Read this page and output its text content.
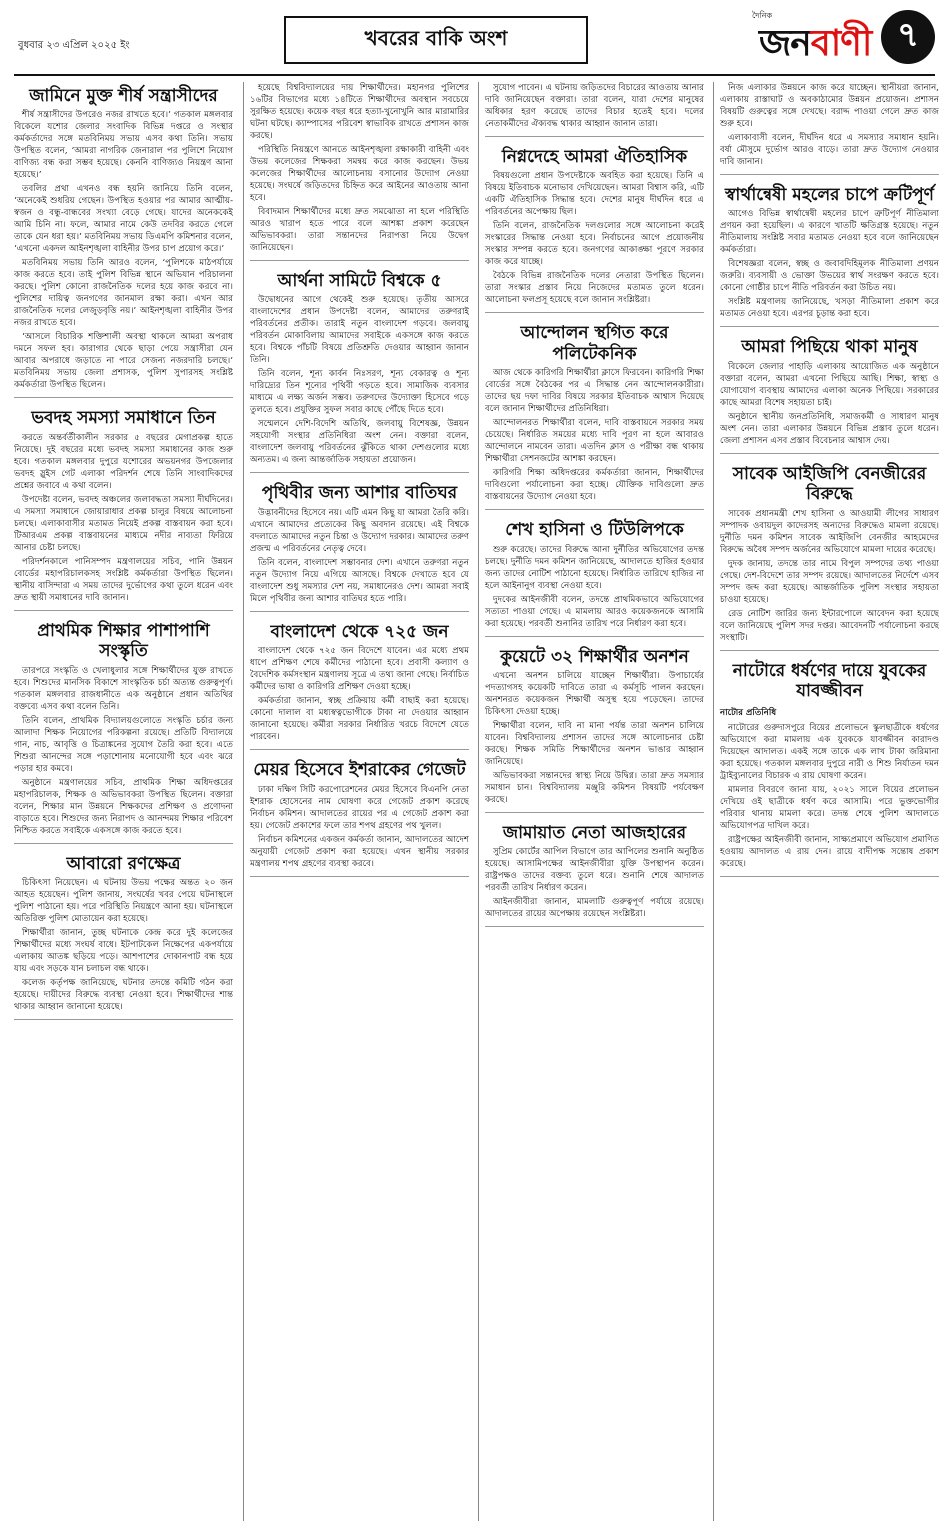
বুধবার ২৩ এপ্রিল ২০২৫ ইং	খবরের বাকি অংশ
দৈনিক
জনবাণী ৭
জামিনে মুক্ত শীর্ষ সন্ত্রাসীদের

শীর্ষ সন্ত্রাসীদের উপরেও নজর রাখতে হবে।’ গতকাল মঙ্গলবার বিকেলে যশোর জেলার সংবাদিক বিভিন্ন দপ্তরে ও সংস্থার কর্মকর্তাদের সঙ্গে মতবিনিময় সভায় এসব কথা তিনি। সভায় উপস্থিত বলেন, ‘আমরা নাগরিক জেনারাল পর পুলিশে নিয়োগ বাণিজ্য বন্ধ করা সম্ভব হয়েছে। কেননি বাণিজ্যও নিয়ন্ত্রণ আনা হয়েছে।’

তবলির প্রথা এখনও বন্ধ হয়নি জানিয়ে তিনি বলেন, ‘অনেকেই শুধরিয় গেছেন। উপস্থিত হওয়ার পর আমার আত্মীয়-স্বজন ও বন্ধু-বান্ধবের সংখ্যা বেড়ে গেছে। যাদের অনেককেই আমি চিনি না। ফলে, আমার নামে কেউ তদবির করতে গেলে তাকে যেন ধরা হয়।’ মতবিনিময় সভায় ডিএমপি কমিশনার বলেন, ‘এখনো একদল আইনশৃঙ্খলা বাহিনীর উপর চাপ প্রয়োগ করে।’

মতবিনিময় সভায় তিনি আরও বলেন, ‘পুলিশকে মাঠপর্যায়ে কাজ করতে হবে। তাই পুলিশ বিভিন্ন স্থানে অভিযান পরিচালনা করছে। পুলিশ কোনো রাজনৈতিক দলের হয়ে কাজ করবে না। পুলিশের দায়িত্ব জনগণের জানমাল রক্ষা করা। এখন আর রাজনৈতিক দলের লেজুড়বৃত্তি নয়।’ আইনশৃঙ্খলা বাহিনীর উপর নজর রাখতে হবে।

‘আসলে বিচারিক শক্তিশালী অবস্থা থাকলে আমরা অপরাধ দমনে সফল হব। কারাগার থেকে ছাড়া পেয়ে সন্ত্রাসীরা যেন আবার অপরাধে জড়াতে না পারে সেজন্য নজরদারি চলছে।’ মতবিনিময় সভায় জেলা প্রশাসক, পুলিশ সুপারসহ সংশ্লিষ্ট কর্মকর্তারা উপস্থিত ছিলেন।

ভবদহ সমস্যা সমাধানে তিন

করতে অন্তর্বর্তীকালীন সরকার ৫ বছরের মেগাপ্রকল্প হাতে নিয়েছে। দুই বছরের মধ্যে ভবদহ সমস্যা সমাধানের কাজ শুরু হবে। গতকাল মঙ্গলবার দুপুরে যশোরের অভয়নগর উপজেলার ভবদহ স্লুইস গেট এলাকা পরিদর্শন শেষে তিনি সাংবাদিকদের প্রশ্নের জবাবে এ কথা বলেন।

উপদেষ্টা বলেন, ভবদহ অঞ্চলের জলাবদ্ধতা সমস্যা দীর্ঘদিনের। এ সমস্যা সমাধানে জোয়ারাধার প্রকল্প চালুর বিষয়ে আলোচনা চলছে। এলাকাবাসীর মতামত নিয়েই প্রকল্প বাস্তবায়ন করা হবে। টিআরএম প্রকল্প বাস্তবায়নের মাধ্যমে নদীর নাব্যতা ফিরিয়ে আনার চেষ্টা চলছে।

পরিদর্শনকালে পানিসম্পদ মন্ত্রণালয়ের সচিব, পানি উন্নয়ন বোর্ডের মহাপরিচালকসহ সংশ্লিষ্ট কর্মকর্তারা উপস্থিত ছিলেন। স্থানীয় বাসিন্দারা এ সময় তাদের দুর্ভোগের কথা তুলে ধরেন এবং দ্রুত স্থায়ী সমাধানের দাবি জানান।

প্রাথমিক শিক্ষার পাশাপাশি সংস্কৃতি

তারপরে সংস্কৃতি ও খেলাধুলার সঙ্গে শিক্ষার্থীদের যুক্ত রাখতে হবে। শিশুদের মানসিক বিকাশে সাংস্কৃতিক চর্চা অত্যন্ত গুরুত্বপূর্ণ। গতকাল মঙ্গলবার রাজধানীতে এক অনুষ্ঠানে প্রধান অতিথির বক্তব্যে এসব কথা বলেন তিনি।

তিনি বলেন, প্রাথমিক বিদ্যালয়গুলোতে সংস্কৃতি চর্চার জন্য আলাদা শিক্ষক নিয়োগের পরিকল্পনা রয়েছে। প্রতিটি বিদ্যালয়ে গান, নাচ, আবৃত্তি ও চিত্রাঙ্কনের সুযোগ তৈরি করা হবে। এতে শিশুরা আনন্দের সঙ্গে পড়াশোনায় মনোযোগী হবে এবং ঝরে পড়ার হার কমবে।

অনুষ্ঠানে মন্ত্রণালয়ের সচিব, প্রাথমিক শিক্ষা অধিদপ্তরের মহাপরিচালক, শিক্ষক ও অভিভাবকরা উপস্থিত ছিলেন। বক্তারা বলেন, শিক্ষার মান উন্নয়নে শিক্ষকদের প্রশিক্ষণ ও প্রণোদনা বাড়াতে হবে। শিশুদের জন্য নিরাপদ ও আনন্দময় শিক্ষার পরিবেশ নিশ্চিত করতে সবাইকে একসঙ্গে কাজ করতে হবে।

আবারো রণক্ষেত্র

চিকিৎসা নিয়েছেন। এ ঘটনায় উভয় পক্ষের অন্তত ২০ জন আহত হয়েছেন। পুলিশ জানায়, সংঘর্ষের খবর পেয়ে ঘটনাস্থলে পুলিশ পাঠানো হয়। পরে পরিস্থিতি নিয়ন্ত্রণে আনা হয়। ঘটনাস্থলে অতিরিক্ত পুলিশ মোতায়েন করা হয়েছে।

শিক্ষার্থীরা জানান, তুচ্ছ ঘটনাকে কেন্দ্র করে দুই কলেজের শিক্ষার্থীদের মধ্যে সংঘর্ষ বাধে। ইটপাটকেল নিক্ষেপের একপর্যায়ে এলাকায় আতঙ্ক ছড়িয়ে পড়ে। আশপাশের দোকানপাট বন্ধ হয়ে যায় এবং সড়কে যান চলাচল বন্ধ থাকে।

কলেজ কর্তৃপক্ষ জানিয়েছে, ঘটনার তদন্তে কমিটি গঠন করা হয়েছে। দায়ীদের বিরুদ্ধে ব্যবস্থা নেওয়া হবে। শিক্ষার্থীদের শান্ত থাকার আহ্বান জানানো হয়েছে।

হয়েছে বিশ্ববিদ্যালয়ের দায় শিক্ষার্থীদের। মহানগর পুলিশের ১৬টির বিভাগের মধ্যে ১৪টিতে শিক্ষার্থীদের অবস্থান সবচেয়ে সুরক্ষিত হয়েছে। কয়েক বছর ধরে হত্যা-খুনোখুনি আর মারামারির ঘটনা ঘটছে। ক্যাম্পাসের পরিবেশ স্বাভাবিক রাখতে প্রশাসন কাজ করছে।

পরিস্থিতি নিয়ন্ত্রণে আনতে আইনশৃঙ্খলা রক্ষাকারী বাহিনী এবং উভয় কলেজের শিক্ষকরা সমন্বয় করে কাজ করছেন। উভয় কলেজের শিক্ষার্থীদের আলোচনায় বসানোর উদ্যোগ নেওয়া হয়েছে। সংঘর্ষে জড়িতদের চিহ্নিত করে আইনের আওতায় আনা হবে।

বিবাদমান শিক্ষার্থীদের মধ্যে দ্রুত সমঝোতা না হলে পরিস্থিতি আরও খারাপ হতে পারে বলে আশঙ্কা প্রকাশ করেছেন অভিভাবকরা। তারা সন্তানদের নিরাপত্তা নিয়ে উদ্বেগ জানিয়েছেন।

আর্থনা সামিটে বিশ্বকে ৫

উদ্বোধনের আগে থেকেই শুরু হয়েছে। তৃতীয় আসরে বাংলাদেশের প্রধান উপদেষ্টা বলেন, আমাদের তরুণরাই পরিবর্তনের প্রতীক। তারাই নতুন বাংলাদেশ গড়বে। জলবায়ু পরিবর্তন মোকাবিলায় আমাদের সবাইকে একসঙ্গে কাজ করতে হবে। বিশ্বকে পাঁচটি বিষয়ে প্রতিশ্রুতি দেওয়ার আহ্বান জানান তিনি।

তিনি বলেন, শূন্য কার্বন নিঃসরণ, শূন্য বেকারত্ব ও শূন্য দারিদ্র্যের তিন শূন্যের পৃথিবী গড়তে হবে। সামাজিক ব্যবসার মাধ্যমে এ লক্ষ্য অর্জন সম্ভব। তরুণদের উদ্যোক্তা হিসেবে গড়ে তুলতে হবে। প্রযুক্তির সুফল সবার কাছে পৌঁছে দিতে হবে।

সম্মেলনে দেশি-বিদেশি অতিথি, জলবায়ু বিশেষজ্ঞ, উন্নয়ন সহযোগী সংস্থার প্রতিনিধিরা অংশ নেন। বক্তারা বলেন, বাংলাদেশ জলবায়ু পরিবর্তনের ঝুঁকিতে থাকা দেশগুলোর মধ্যে অন্যতম। এ জন্য আন্তর্জাতিক সহায়তা প্রয়োজন।

পৃথিবীর জন্য আশার বাতিঘর

উদ্ভাবনীদের হিসেবে নয়। এটি এমন কিছু যা আমরা তৈরি করি। এখানে আমাদের প্রত্যেকের কিছু অবদান রয়েছে। এই বিশ্বকে বদলাতে আমাদের নতুন চিন্তা ও উদ্যোগ দরকার। আমাদের তরুণ প্রজন্ম এ পরিবর্তনের নেতৃত্ব দেবে।

তিনি বলেন, বাংলাদেশ সম্ভাবনার দেশ। এখানে তরুণরা নতুন নতুন উদ্যোগ নিয়ে এগিয়ে আসছে। বিশ্বকে দেখাতে হবে যে বাংলাদেশ শুধু সমস্যার দেশ নয়, সমাধানেরও দেশ। আমরা সবাই মিলে পৃথিবীর জন্য আশার বাতিঘর হতে পারি।

বাংলাদেশ থেকে ৭২৫ জন

বাংলাদেশ থেকে ৭২৫ জন বিদেশে যাবেন। এর মধ্যে প্রথম ধাপে প্রশিক্ষণ শেষে কর্মীদের পাঠানো হবে। প্রবাসী কল্যাণ ও বৈদেশিক কর্মসংস্থান মন্ত্রণালয় সূত্রে এ তথ্য জানা গেছে। নির্বাচিত কর্মীদের ভাষা ও কারিগরি প্রশিক্ষণ দেওয়া হচ্ছে।

কর্মকর্তারা জানান, স্বচ্ছ প্রক্রিয়ায় কর্মী বাছাই করা হয়েছে। কোনো দালাল বা মধ্যস্বত্বভোগীকে টাকা না দেওয়ার আহ্বান জানানো হয়েছে। কর্মীরা সরকার নির্ধারিত খরচে বিদেশে যেতে পারবেন।

মেয়র হিসেবে ইশরাকের গেজেট

ঢাকা দক্ষিণ সিটি করপোরেশনের মেয়র হিসেবে বিএনপি নেতা ইশরাক হোসেনের নাম ঘোষণা করে গেজেট প্রকাশ করেছে নির্বাচন কমিশন। আদালতের রায়ের পর এ গেজেট প্রকাশ করা হয়। গেজেট প্রকাশের ফলে তার শপথ গ্রহণের পথ খুলল।

নির্বাচন কমিশনের একজন কর্মকর্তা জানান, আদালতের আদেশ অনুযায়ী গেজেট প্রকাশ করা হয়েছে। এখন স্থানীয় সরকার মন্ত্রণালয় শপথ গ্রহণের ব্যবস্থা করবে।

সুযোগ পাবেন। এ ঘটনায় জড়িতদের বিচারের আওতায় আনার দাবি জানিয়েছেন বক্তারা। তারা বলেন, যারা দেশের মানুষের অধিকার হরণ করেছে তাদের বিচার হতেই হবে। দলের নেতাকর্মীদের ঐক্যবদ্ধ থাকার আহ্বান জানান তারা।

নিগ্নদেহে আমরা ঐতিহাসিক

বিষয়গুলো প্রধান উপদেষ্টাকে অবহিত করা হয়েছে। তিনি এ বিষয়ে ইতিবাচক মনোভাব দেখিয়েছেন। আমরা বিশ্বাস করি, এটি একটি ঐতিহাসিক সিদ্ধান্ত হবে। দেশের মানুষ দীর্ঘদিন ধরে এ পরিবর্তনের অপেক্ষায় ছিল।

তিনি বলেন, রাজনৈতিক দলগুলোর সঙ্গে আলোচনা করেই সংস্কারের সিদ্ধান্ত নেওয়া হবে। নির্বাচনের আগে প্রয়োজনীয় সংস্কার সম্পন্ন করতে হবে। জনগণের আকাঙ্ক্ষা পূরণে সরকার কাজ করে যাচ্ছে।

বৈঠকে বিভিন্ন রাজনৈতিক দলের নেতারা উপস্থিত ছিলেন। তারা সংস্কার প্রস্তাব নিয়ে নিজেদের মতামত তুলে ধরেন। আলোচনা ফলপ্রসূ হয়েছে বলে জানান সংশ্লিষ্টরা।

আন্দোলন স্থগিত করে পলিটেকনিক

আজ থেকে কারিগরি শিক্ষার্থীরা ক্লাসে ফিরবেন। কারিগরি শিক্ষা বোর্ডের সঙ্গে বৈঠকের পর এ সিদ্ধান্ত নেন আন্দোলনকারীরা। তাদের ছয় দফা দাবির বিষয়ে সরকার ইতিবাচক আশ্বাস দিয়েছে বলে জানান শিক্ষার্থীদের প্রতিনিধিরা।

আন্দোলনরত শিক্ষার্থীরা বলেন, দাবি বাস্তবায়নে সরকার সময় চেয়েছে। নির্ধারিত সময়ের মধ্যে দাবি পূরণ না হলে আবারও আন্দোলনে নামবেন তারা। এতদিন ক্লাস ও পরীক্ষা বন্ধ থাকায় শিক্ষার্থীরা সেশনজটের আশঙ্কা করছেন।

কারিগরি শিক্ষা অধিদপ্তরের কর্মকর্তারা জানান, শিক্ষার্থীদের দাবিগুলো পর্যালোচনা করা হচ্ছে। যৌক্তিক দাবিগুলো দ্রুত বাস্তবায়নের উদ্যোগ নেওয়া হবে।

শেখ হাসিনা ও টিউলিপকে

শুরু করেছে। তাদের বিরুদ্ধে আনা দুর্নীতির অভিযোগের তদন্ত চলছে। দুর্নীতি দমন কমিশন জানিয়েছে, আদালতে হাজির হওয়ার জন্য তাদের নোটিশ পাঠানো হয়েছে। নির্ধারিত তারিখে হাজির না হলে আইনানুগ ব্যবস্থা নেওয়া হবে।

দুদকের আইনজীবী বলেন, তদন্তে প্রাথমিকভাবে অভিযোগের সত্যতা পাওয়া গেছে। এ মামলায় আরও কয়েকজনকে আসামি করা হয়েছে। পরবর্তী শুনানির তারিখ পরে নির্ধারণ করা হবে।

কুয়েটে ৩২ শিক্ষার্থীর অনশন

এখনো অনশন চালিয়ে যাচ্ছেন শিক্ষার্থীরা। উপাচার্যের পদত্যাগসহ কয়েকটি দাবিতে তারা এ কর্মসূচি পালন করছেন। অনশনরত কয়েকজন শিক্ষার্থী অসুস্থ হয়ে পড়েছেন। তাদের চিকিৎসা দেওয়া হচ্ছে।

শিক্ষার্থীরা বলেন, দাবি না মানা পর্যন্ত তারা অনশন চালিয়ে যাবেন। বিশ্ববিদ্যালয় প্রশাসন তাদের সঙ্গে আলোচনার চেষ্টা করছে। শিক্ষক সমিতি শিক্ষার্থীদের অনশন ভাঙার আহ্বান জানিয়েছে।

অভিভাবকরা সন্তানদের স্বাস্থ্য নিয়ে উদ্বিগ্ন। তারা দ্রুত সমস্যার সমাধান চান। বিশ্ববিদ্যালয় মঞ্জুরি কমিশন বিষয়টি পর্যবেক্ষণ করছে।

জামায়াত নেতা আজহারের

সুপ্রিম কোর্টের আপিল বিভাগে তার আপিলের শুনানি অনুষ্ঠিত হয়েছে। আসামিপক্ষের আইনজীবীরা যুক্তি উপস্থাপন করেন। রাষ্ট্রপক্ষও তাদের বক্তব্য তুলে ধরে। শুনানি শেষে আদালত পরবর্তী তারিখ নির্ধারণ করেন।

আইনজীবীরা জানান, মামলাটি গুরুত্বপূর্ণ পর্যায়ে রয়েছে। আদালতের রায়ের অপেক্ষায় রয়েছেন সংশ্লিষ্টরা।

নিজ এলাকার উন্নয়নে কাজ করে যাচ্ছেন। স্থানীয়রা জানান, এলাকায় রাস্তাঘাট ও অবকাঠামোর উন্নয়ন প্রয়োজন। প্রশাসন বিষয়টি গুরুত্বের সঙ্গে দেখছে। বরাদ্দ পাওয়া গেলে দ্রুত কাজ শুরু হবে।

এলাকাবাসী বলেন, দীর্ঘদিন ধরে এ সমস্যার সমাধান হয়নি। বর্ষা মৌসুমে দুর্ভোগ আরও বাড়ে। তারা দ্রুত উদ্যোগ নেওয়ার দাবি জানান।

স্বার্থান্বেষী মহলের চাপে ক্রটিপূর্ণ

আগেও বিভিন্ন স্বার্থান্বেষী মহলের চাপে ত্রুটিপূর্ণ নীতিমালা প্রণয়ন করা হয়েছিল। এ কারণে খাতটি ক্ষতিগ্রস্ত হয়েছে। নতুন নীতিমালায় সংশ্লিষ্ট সবার মতামত নেওয়া হবে বলে জানিয়েছেন কর্মকর্তারা।

বিশেষজ্ঞরা বলেন, স্বচ্ছ ও জবাবদিহিমূলক নীতিমালা প্রণয়ন জরুরি। ব্যবসায়ী ও ভোক্তা উভয়ের স্বার্থ সংরক্ষণ করতে হবে। কোনো গোষ্ঠীর চাপে নীতি পরিবর্তন করা উচিত নয়।

সংশ্লিষ্ট মন্ত্রণালয় জানিয়েছে, খসড়া নীতিমালা প্রকাশ করে মতামত নেওয়া হবে। এরপর চূড়ান্ত করা হবে।

আমরা পিছিয়ে থাকা মানুষ

বিকেলে জেলার পাহাড়ি এলাকায় আয়োজিত এক অনুষ্ঠানে বক্তারা বলেন, আমরা এখনো পিছিয়ে আছি। শিক্ষা, স্বাস্থ্য ও যোগাযোগ ব্যবস্থায় আমাদের এলাকা অনেক পিছিয়ে। সরকারের কাছে আমরা বিশেষ সহায়তা চাই।

অনুষ্ঠানে স্থানীয় জনপ্রতিনিধি, সমাজকর্মী ও সাধারণ মানুষ অংশ নেন। তারা এলাকার উন্নয়নে বিভিন্ন প্রস্তাব তুলে ধরেন। জেলা প্রশাসন এসব প্রস্তাব বিবেচনার আশ্বাস দেয়।

সাবেক আইজিপি বেনজীরের বিরুদ্ধে

সাবেক প্রধানমন্ত্রী শেখ হাসিনা ও আওয়ামী লীগের সাধারণ সম্পাদক ওবায়দুল কাদেরসহ অন্যদের বিরুদ্ধেও মামলা রয়েছে। দুর্নীতি দমন কমিশন সাবেক আইজিপি বেনজীর আহমেদের বিরুদ্ধে অবৈধ সম্পদ অর্জনের অভিযোগে মামলা দায়ের করেছে।

দুদক জানায়, তদন্তে তার নামে বিপুল সম্পদের তথ্য পাওয়া গেছে। দেশ-বিদেশে তার সম্পদ রয়েছে। আদালতের নির্দেশে এসব সম্পদ জব্দ করা হয়েছে। আন্তর্জাতিক পুলিশ সংস্থার সহায়তা চাওয়া হয়েছে।

রেড নোটিশ জারির জন্য ইন্টারপোলে আবেদন করা হয়েছে বলে জানিয়েছে পুলিশ সদর দপ্তর। আবেদনটি পর্যালোচনা করছে সংস্থাটি।

নাটোরে ধর্ষণের দায়ে যুবকের যাবজ্জীবন
নাটোর প্রতিনিধি

নাটোরের গুরুদাসপুরে বিয়ের প্রলোভনে স্কুলছাত্রীকে ধর্ষণের অভিযোগে করা মামলায় এক যুবককে যাবজ্জীবন কারাদণ্ড দিয়েছেন আদালত। একই সঙ্গে তাকে এক লাখ টাকা জরিমানা করা হয়েছে। গতকাল মঙ্গলবার দুপুরে নারী ও শিশু নির্যাতন দমন ট্রাইব্যুনালের বিচারক এ রায় ঘোষণা করেন।

মামলার বিবরণে জানা যায়, ২০২১ সালে বিয়ের প্রলোভন দেখিয়ে ওই ছাত্রীকে ধর্ষণ করে আসামি। পরে ভুক্তভোগীর পরিবার থানায় মামলা করে। তদন্ত শেষে পুলিশ আদালতে অভিযোগপত্র দাখিল করে।

রাষ্ট্রপক্ষের আইনজীবী জানান, সাক্ষ্যপ্রমাণে অভিযোগ প্রমাণিত হওয়ায় আদালত এ রায় দেন। রায়ে বাদীপক্ষ সন্তোষ প্রকাশ করেছে।
